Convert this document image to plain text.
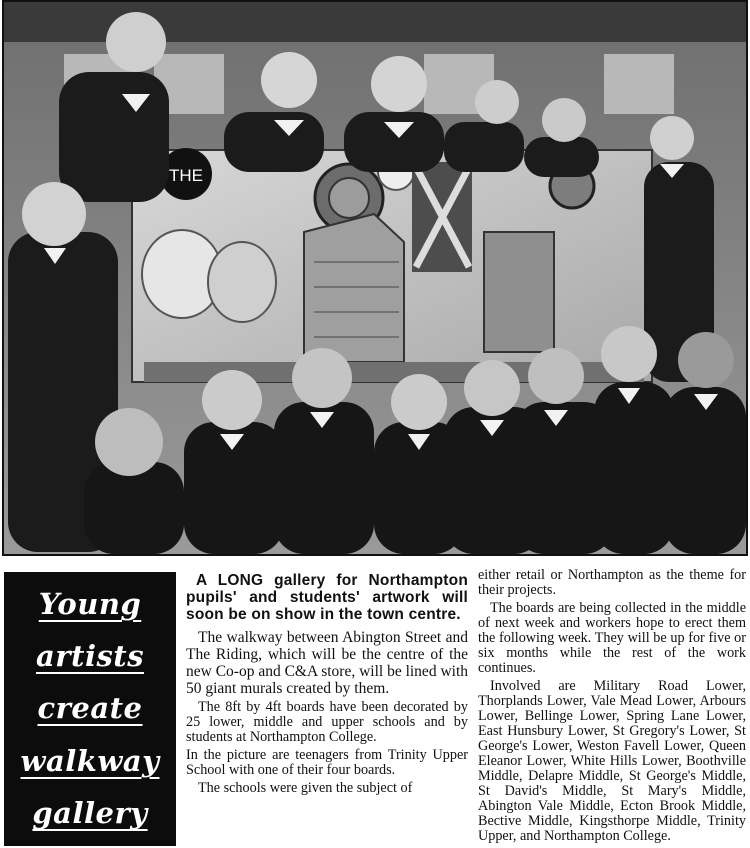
THE
Young
artists
create
walkway
gallery

A LONG gallery for Northampton pupils' and students' artwork will soon be on show in the town centre.

The walkway between Abington Street and The Riding, which will be the centre of the new Co-op and C&A store, will be lined with 50 giant murals created by them.

The 8ft by 4ft boards have been decorated by 25 lower, middle and upper schools and by students at Northampton College.

In the picture are teenagers from Trinity Upper School with one of their four boards.

The schools were given the subject of

either retail or Northampton as the theme for their projects.

The boards are being collected in the middle of next week and workers hope to erect them the following week. They will be up for five or six months while the rest of the work continues.

Involved are Military Road Lower, Thorplands Lower, Vale Mead Lower, Arbours Lower, Bellinge Lower, Spring Lane Lower, East Hunsbury Lower, St Gregory's Lower, St George's Lower, Weston Favell Lower, Queen Eleanor Lower, White Hills Lower, Boothville Middle, Delapre Middle, St George's Middle, St David's Middle, St Mary's Middle, Abington Vale Middle, Ecton Brook Middle, Bective Middle, Kingsthorpe Middle, Trinity Upper, and Northampton College.
